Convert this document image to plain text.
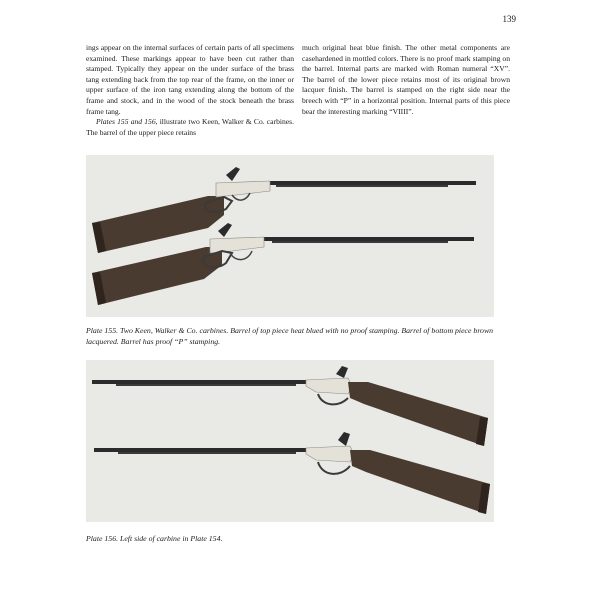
139

ings appear on the internal surfaces of certain parts of all specimens examined. These markings appear to have been cut rather than stamped. Typically they appear on the under surface of the brass tang extending back from the top rear of the frame, on the inner or upper surface of the iron tang extending along the bottom of the frame and stock, and in the wood of the stock beneath the brass frame tang.

Plates 155 and 156, illustrate two Keen, Walker & Co. carbines. The barrel of the upper piece retains

much original heat blue finish. The other metal components are casehardened in mottled colors. There is no proof mark stamping on the barrel. Internal parts are marked with Roman numeral “XV”. The barrel of the lower piece retains most of its original brown lacquer finish. The barrel is stamped on the right side near the breech with “P” in a horizontal position. Internal parts of this piece bear the interesting marking “VIIII”.

Plate 155. Two Keen, Walker & Co. carbines. Barrel of top piece heat blued with no proof stamping. Barrel of bottom piece brown lacquered. Barrel has proof “P” stamping.
Plate 156. Left side of carbine in Plate 154.
